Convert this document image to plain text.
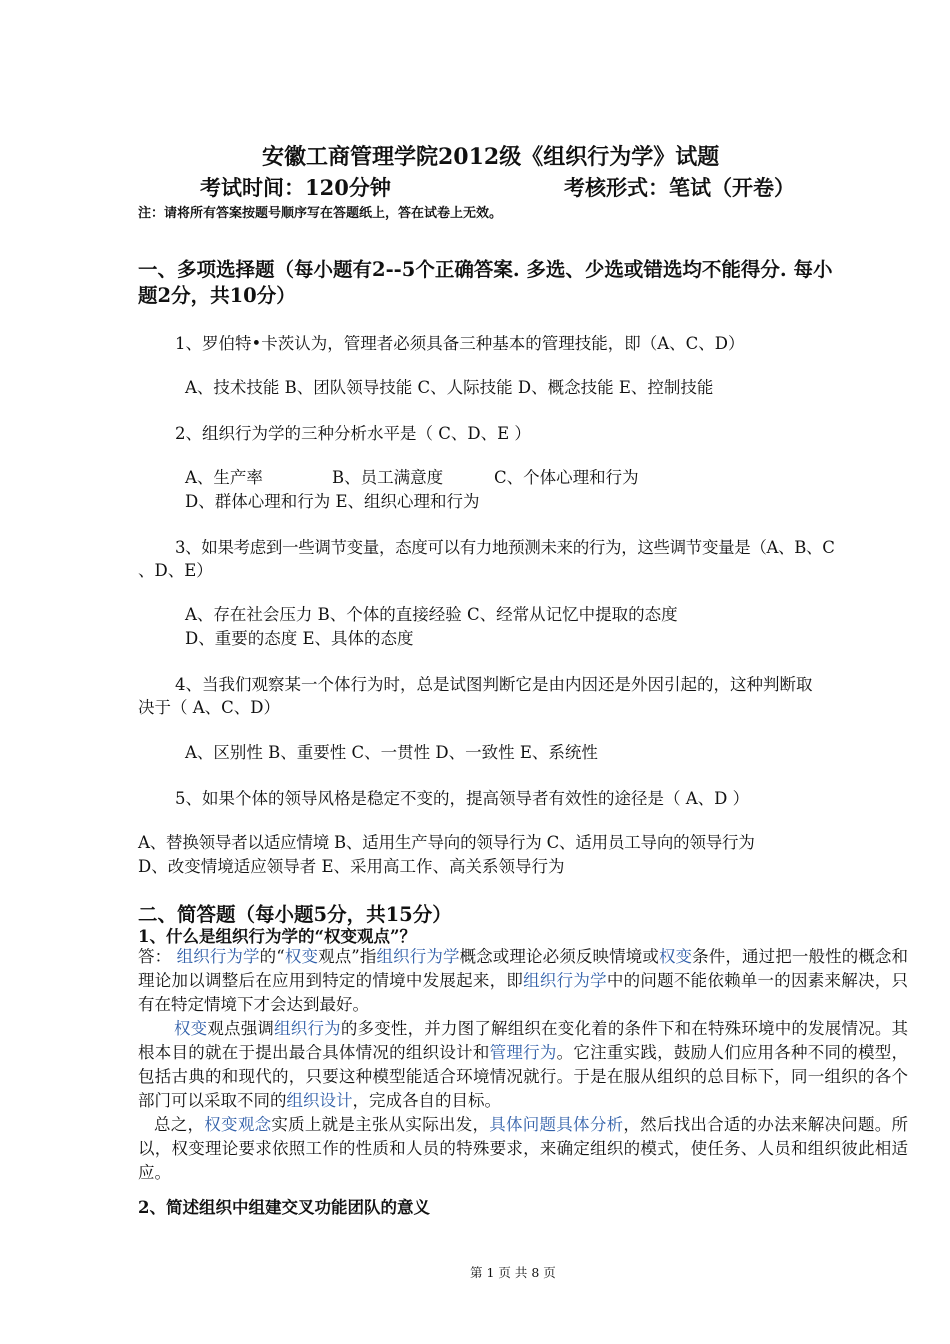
安徽工商管理学院2012级《组织行为学》试题
考试时间：120分钟	考核形式：笔试（开卷）
注：请将所有答案按题号顺序写在答题纸上，答在试卷上无效。
一、多项选择题（每小题有2--5个正确答案. 多选、少选或错选均不能得分. 每小
题2分，共10分）
1、罗伯特•卡茨认为，管理者必须具备三种基本的管理技能，即（A、C、D）
A、技术技能 B、团队领导技能 C、人际技能 D、概念技能 E、控制技能
2、组织行为学的三种分析水平是（ C、D、E ）
A、生产率	B、员工满意度	C、个体心理和行为
D、群体心理和行为 E、组织心理和行为
3、如果考虑到一些调节变量，态度可以有力地预测未来的行为，这些调节变量是（A、B、C
、D、E）
A、存在社会压力 B、个体的直接经验 C、经常从记忆中提取的态度
D、重要的态度 E、具体的态度
4、当我们观察某一个体行为时，总是试图判断它是由内因还是外因引起的，这种判断取
决于（ A、C、D）
A、区别性 B、重要性 C、一贯性 D、一致性 E、系统性
5、如果个体的领导风格是稳定不变的，提高领导者有效性的途径是（ A、D ）
A、替换领导者以适应情境 B、适用生产导向的领导行为 C、适用员工导向的领导行为
D、改变情境适应领导者 E、采用高工作、高关系领导行为
二、简答题（每小题5分，共15分）
1、什么是组织行为学的“权变观点”？
答： 组织行为学的“权变观点”指组织行为学概念或理论必须反映情境或权变条件，通过把一般性的概念和理论加以调整后在应用到特定的情境中发展起来，即组织行为学中的问题不能依赖单一的因素来解决，只有在特定情境下才会达到最好。
权变观点强调组织行为的多变性，并力图了解组织在变化着的条件下和在特殊环境中的发展情况。其根本目的就在于提出最合具体情况的组织设计和管理行为。它注重实践，鼓励人们应用各种不同的模型，包括古典的和现代的，只要这种模型能适合环境情况就行。于是在服从组织的总目标下，同一组织的各个部门可以采取不同的组织设计，完成各自的目标。
总之，权变观念实质上就是主张从实际出发，具体问题具体分析，然后找出合适的办法来解决问题。所以，权变理论要求依照工作的性质和人员的特殊要求，来确定组织的模式，使任务、人员和组织彼此相适应。
2、简述组织中组建交叉功能团队的意义
第 1 页 共 8 页
